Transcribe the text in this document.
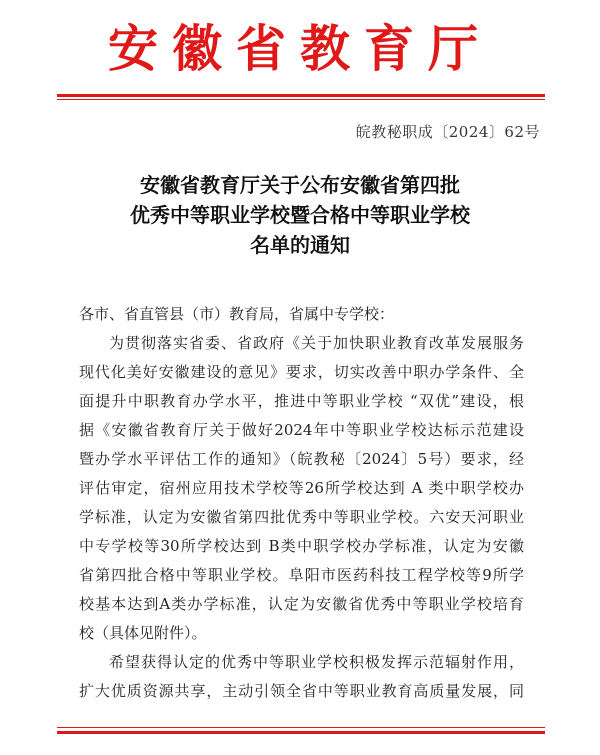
安徽省教育厅
皖教秘职成〔2024〕62号
安徽省教育厅关于公布安徽省第四批
优秀中等职业学校暨合格中等职业学校
名单的通知
各市、省直管县（市）教育局，省属中专学校：
为贯彻落实省委、省政府《关于加快职业教育改革发展服务
现代化美好安徽建设的意见》要求，切实改善中职办学条件、全
面提升中职教育办学水平，推进中等职业学校 “双优”建设，根
据《安徽省教育厅关于做好2024年中等职业学校达标示范建设
暨办学水平评估工作的通知》（皖教秘〔2024〕5号）要求，经
评估审定，宿州应用技术学校等26所学校达到 A 类中职学校办
学标准，认定为安徽省第四批优秀中等职业学校。六安天河职业
中专学校等30所学校达到 B类中职学校办学标准，认定为安徽
省第四批合格中等职业学校。阜阳市医药科技工程学校等9所学
校基本达到A类办学标准，认定为安徽省优秀中等职业学校培育
校（具体见附件）。
希望获得认定的优秀中等职业学校积极发挥示范辐射作用，
扩大优质资源共享，主动引领全省中等职业教育高质量发展，同
